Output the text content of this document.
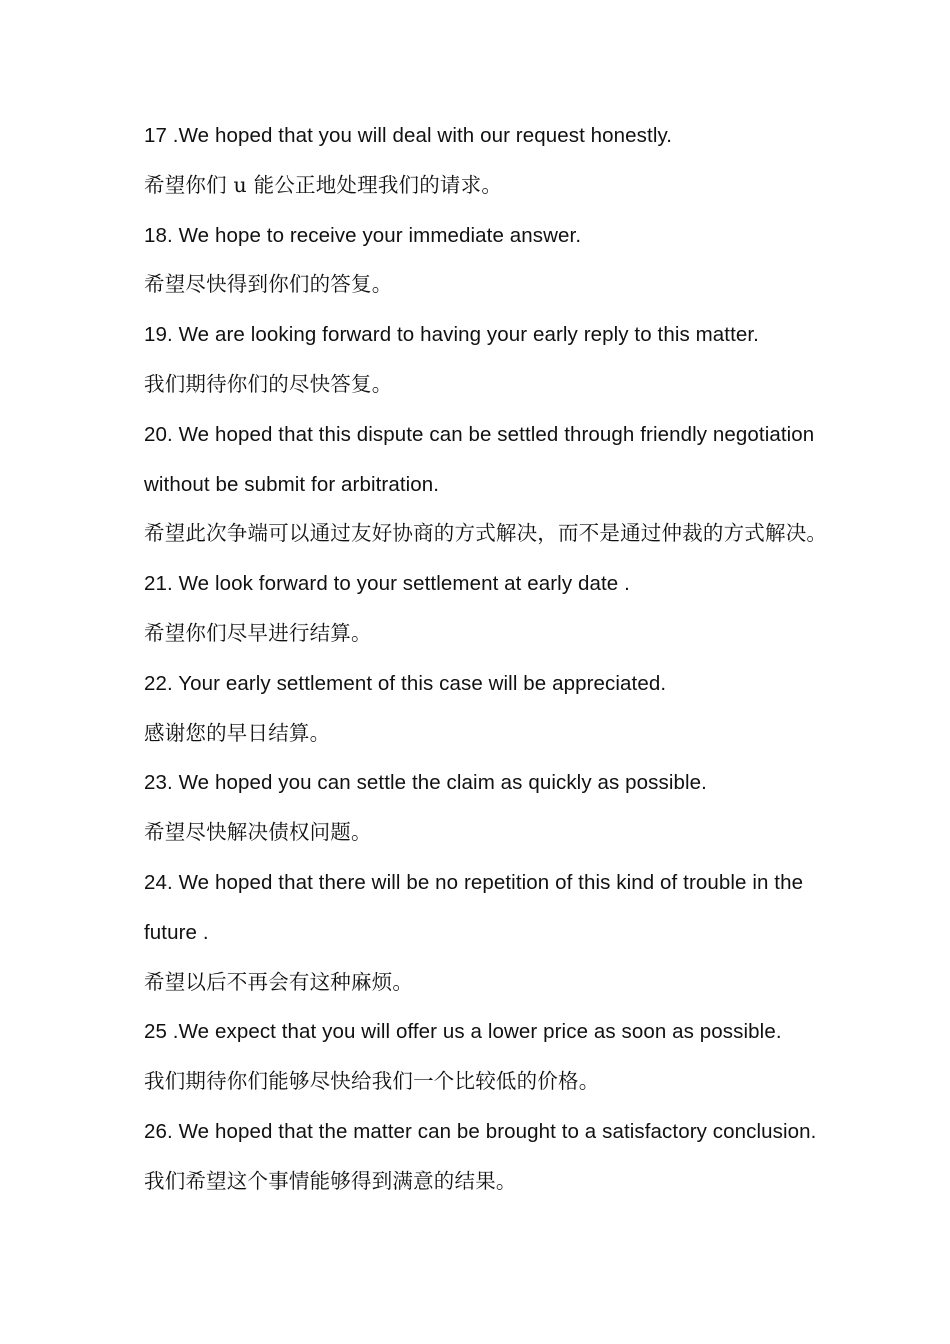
17 .We hoped that you will deal with our request honestly.

希望你们 u 能公正地处理我们的请求。

18. We hope to receive your immediate answer.

希望尽快得到你们的答复。

19. We are looking forward to having your early reply to this matter.

我们期待你们的尽快答复。

20. We hoped that this dispute can be settled through friendly negotiation

without be submit for arbitration.

希望此次争端可以通过友好协商的方式解决，而不是通过仲裁的方式解决。

21. We look forward to your settlement at early date .

希望你们尽早进行结算。

22. Your early settlement of this case will be appreciated.

感谢您的早日结算。

23. We hoped you can settle the claim as quickly as possible.

希望尽快解决债权问题。

24. We hoped that there will be no repetition of this kind of trouble in the

future .

希望以后不再会有这种麻烦。

25 .We expect that you will offer us a lower price as soon as possible.

我们期待你们能够尽快给我们一个比较低的价格。

26. We hoped that the matter can be brought to a satisfactory conclusion.

我们希望这个事情能够得到满意的结果。
